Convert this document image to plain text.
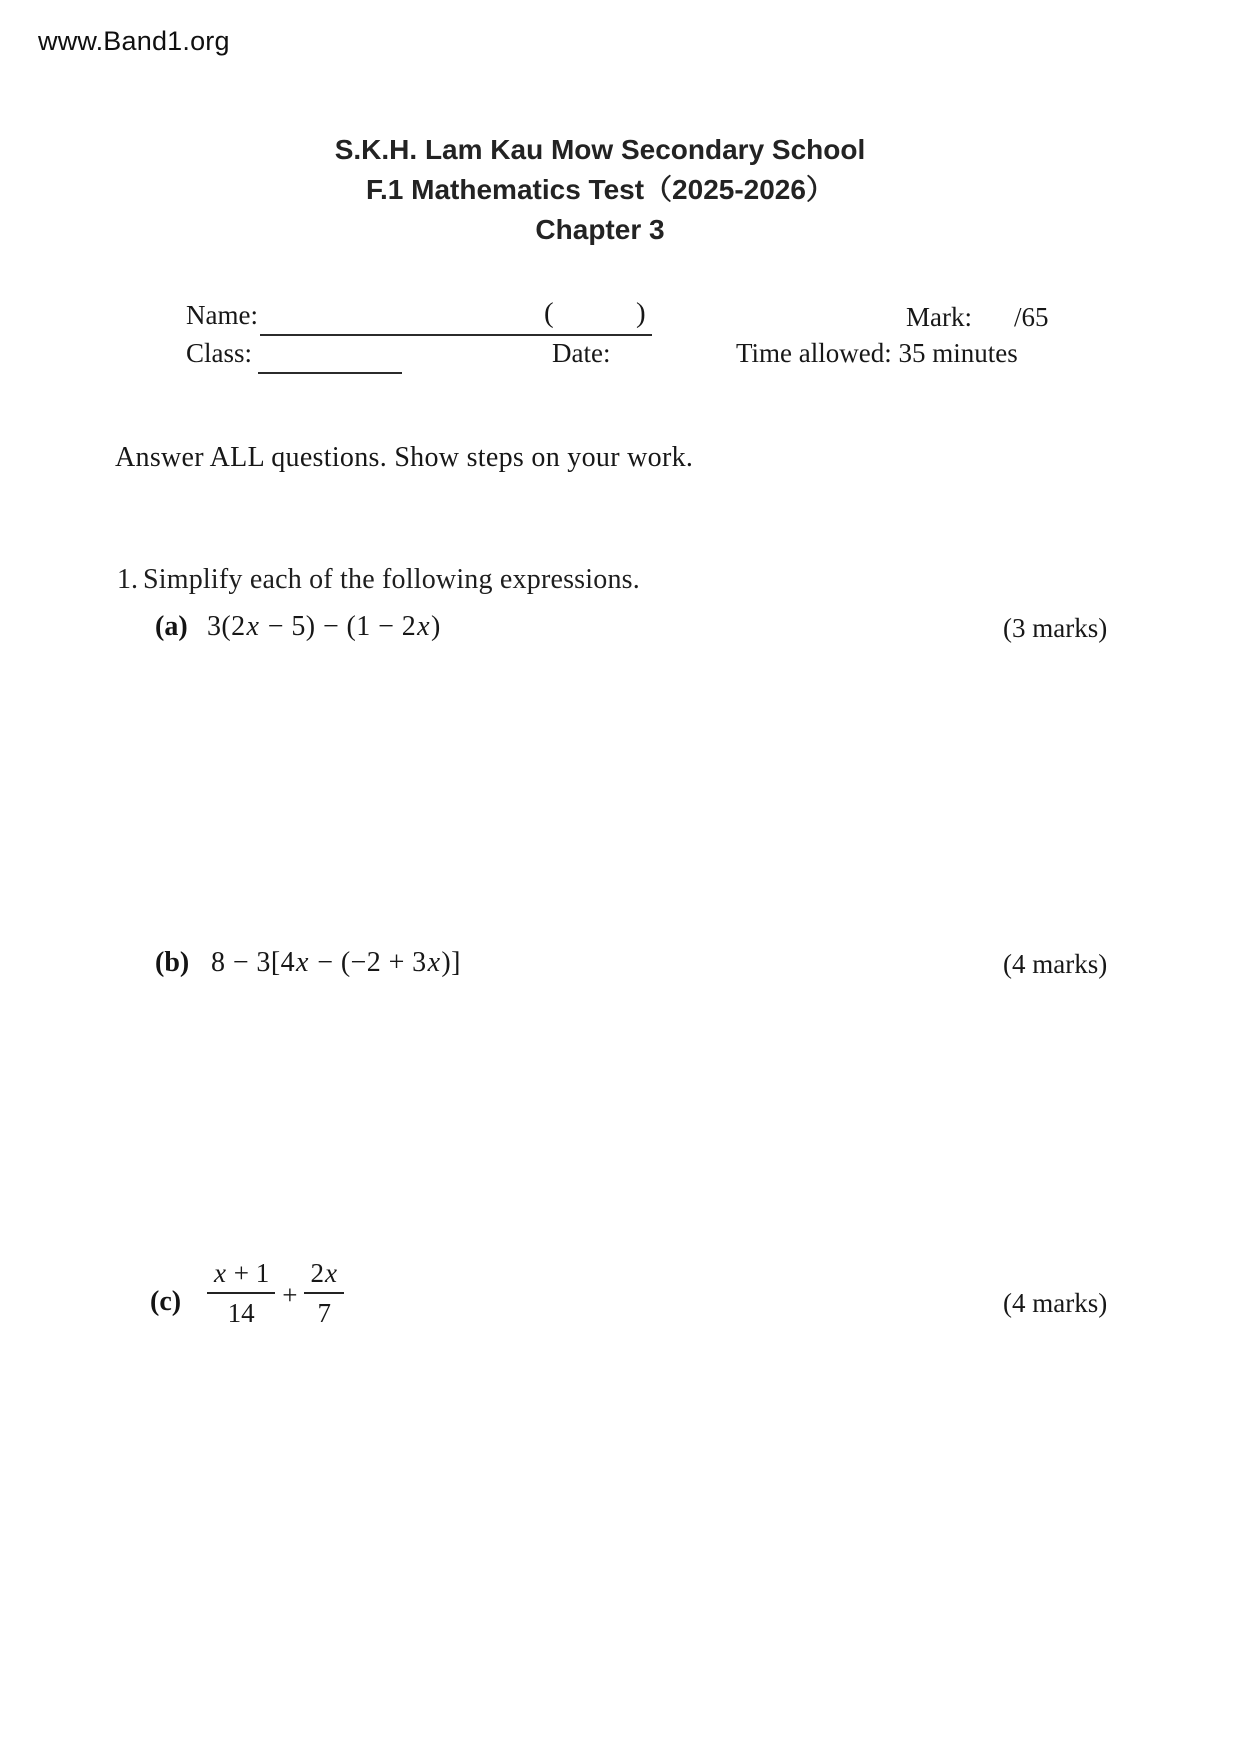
www.Band1.org
S.K.H. Lam Kau Mow Secondary School
F.1 Mathematics Test（2025-2026）
Chapter 3
Name:	(	)	Mark: /65
Class:	Date:	Time allowed: 35 minutes
Answer ALL questions. Show steps on your work.
1. Simplify each of the following expressions.
(a) 3(2x − 5) − (1 − 2x)	(3 marks)
(b) 8 − 3[4x − (−2 + 3x)]	(4 marks)
$(c) \frac{x + 1}{14} + \frac{2x}{7}$	(4 marks)
